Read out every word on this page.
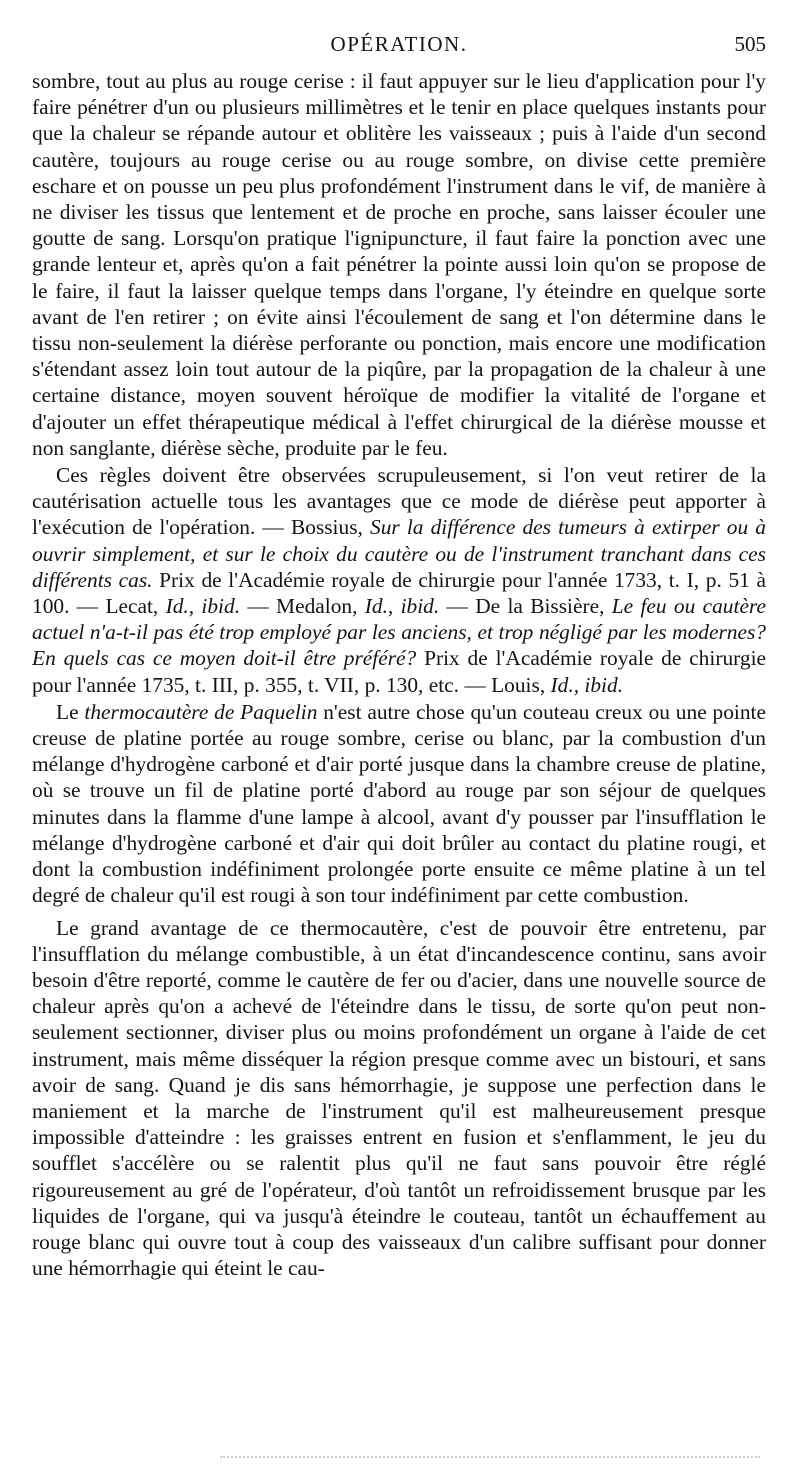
OPÉRATION.	505

sombre, tout au plus au rouge cerise : il faut appuyer sur le lieu d'application pour l'y faire pénétrer d'un ou plusieurs millimètres et le tenir en place quelques instants pour que la chaleur se répande autour et oblitère les vaisseaux ; puis à l'aide d'un second cautère, toujours au rouge cerise ou au rouge sombre, on divise cette première eschare et on pousse un peu plus profondément l'instrument dans le vif, de manière à ne diviser les tissus que lentement et de proche en proche, sans laisser écouler une goutte de sang. Lorsqu'on pratique l'ignipuncture, il faut faire la ponction avec une grande lenteur et, après qu'on a fait pénétrer la pointe aussi loin qu'on se propose de le faire, il faut la laisser quelque temps dans l'organe, l'y éteindre en quelque sorte avant de l'en retirer ; on évite ainsi l'écoulement de sang et l'on détermine dans le tissu non-seulement la diérèse perforante ou ponction, mais encore une modification s'étendant assez loin tout autour de la piqûre, par la propagation de la chaleur à une certaine distance, moyen souvent héroïque de modifier la vitalité de l'organe et d'ajouter un effet thérapeutique médical à l'effet chirurgical de la diérèse mousse et non sanglante, diérèse sèche, produite par le feu.

Ces règles doivent être observées scrupuleusement, si l'on veut retirer de la cautérisation actuelle tous les avantages que ce mode de diérèse peut apporter à l'exécution de l'opération. — Bossius, Sur la différence des tumeurs à extirper ou à ouvrir simplement, et sur le choix du cautère ou de l'instrument tranchant dans ces différents cas. Prix de l'Académie royale de chirurgie pour l'année 1733, t. I, p. 51 à 100. — Lecat, Id., ibid. — Medalon, Id., ibid. — De la Bissière, Le feu ou cautère actuel n'a-t-il pas été trop employé par les anciens, et trop négligé par les modernes? En quels cas ce moyen doit-il être préféré? Prix de l'Académie royale de chirurgie pour l'année 1735, t. III, p. 355, t. VII, p. 130, etc. — Louis, Id., ibid.

Le thermocautère de Paquelin n'est autre chose qu'un couteau creux ou une pointe creuse de platine portée au rouge sombre, cerise ou blanc, par la combustion d'un mélange d'hydrogène carboné et d'air porté jusque dans la chambre creuse de platine, où se trouve un fil de platine porté d'abord au rouge par son séjour de quelques minutes dans la flamme d'une lampe à alcool, avant d'y pousser par l'insufflation le mélange d'hydrogène carboné et d'air qui doit brûler au contact du platine rougi, et dont la combustion indéfiniment prolongée porte ensuite ce même platine à un tel degré de chaleur qu'il est rougi à son tour indéfiniment par cette combustion.

Le grand avantage de ce thermocautère, c'est de pouvoir être entretenu, par l'insufflation du mélange combustible, à un état d'incandescence continu, sans avoir besoin d'être reporté, comme le cautère de fer ou d'acier, dans une nouvelle source de chaleur après qu'on a achevé de l'éteindre dans le tissu, de sorte qu'on peut non-seulement sectionner, diviser plus ou moins profondément un organe à l'aide de cet instrument, mais même disséquer la région presque comme avec un bistouri, et sans avoir de sang. Quand je dis sans hémorrhagie, je suppose une perfection dans le maniement et la marche de l'instrument qu'il est malheureusement presque impossible d'atteindre : les graisses entrent en fusion et s'enflamment, le jeu du soufflet s'accélère ou se ralentit plus qu'il ne faut sans pouvoir être réglé rigoureusement au gré de l'opérateur, d'où tantôt un refroidissement brusque par les liquides de l'organe, qui va jusqu'à éteindre le couteau, tantôt un échauffement au rouge blanc qui ouvre tout à coup des vaisseaux d'un calibre suffisant pour donner une hémorrhagie qui éteint le cau-
